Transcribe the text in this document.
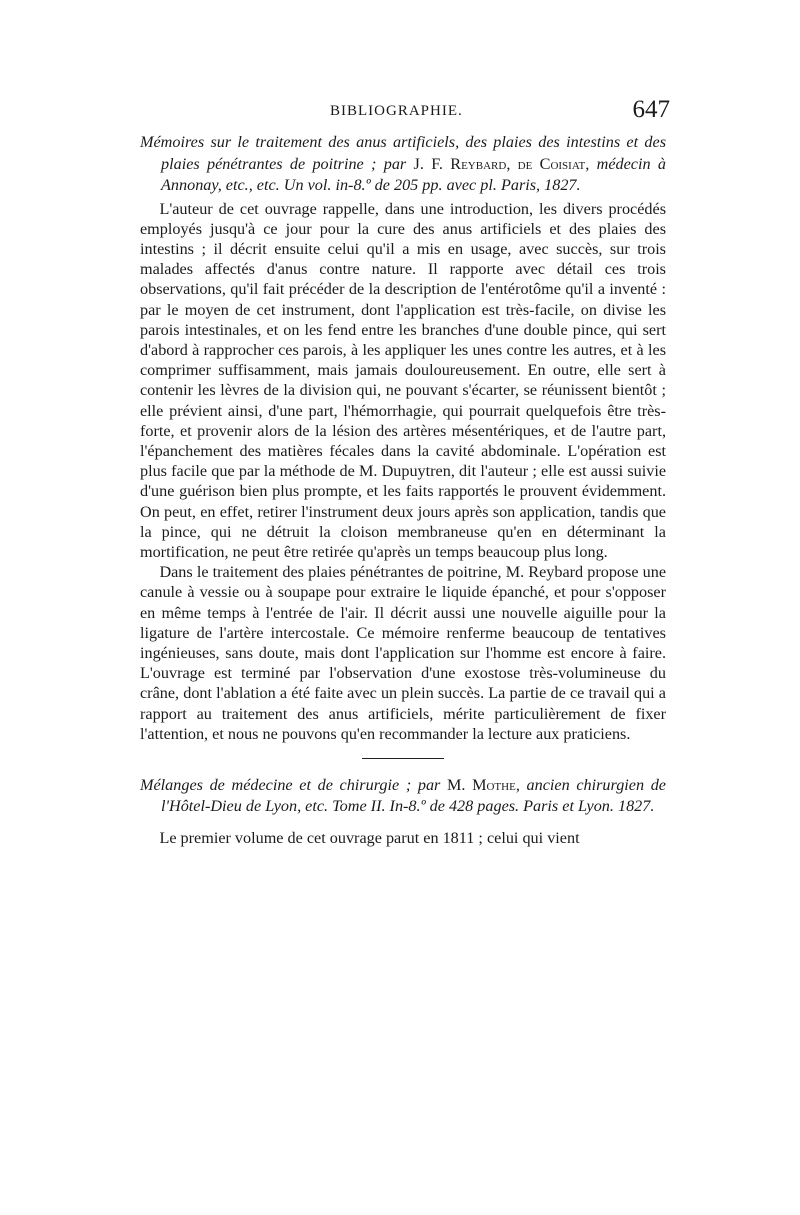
BIBLIOGRAPHIE.	647

Mémoires sur le traitement des anus artificiels, des plaies des intestins et des plaies pénétrantes de poitrine ; par J. F. Reybard, de Coisiat, médecin à Annonay, etc., etc. Un vol. in-8.º de 205 pp. avec pl. Paris, 1827.

L'auteur de cet ouvrage rappelle, dans une introduction, les divers procédés employés jusqu'à ce jour pour la cure des anus artificiels et des plaies des intestins ; il décrit ensuite celui qu'il a mis en usage, avec succès, sur trois malades affectés d'anus contre nature. Il rapporte avec détail ces trois observations, qu'il fait précéder de la description de l'entérotôme qu'il a inventé : par le moyen de cet instrument, dont l'application est très-facile, on divise les parois intestinales, et on les fend entre les branches d'une double pince, qui sert d'abord à rapprocher ces parois, à les appliquer les unes contre les autres, et à les comprimer suffisamment, mais jamais douloureusement. En outre, elle sert à contenir les lèvres de la division qui, ne pouvant s'écarter, se réunissent bientôt ; elle prévient ainsi, d'une part, l'hémorrhagie, qui pourrait quelquefois être très-forte, et provenir alors de la lésion des artères mésentériques, et de l'autre part, l'épanchement des matières fécales dans la cavité abdominale. L'opération est plus facile que par la méthode de M. Dupuytren, dit l'auteur ; elle est aussi suivie d'une guérison bien plus prompte, et les faits rapportés le prouvent évidemment. On peut, en effet, retirer l'instrument deux jours après son application, tandis que la pince, qui ne détruit la cloison membraneuse qu'en en déterminant la mortification, ne peut être retirée qu'après un temps beaucoup plus long.

Dans le traitement des plaies pénétrantes de poitrine, M. Reybard propose une canule à vessie ou à soupape pour extraire le liquide épanché, et pour s'opposer en même temps à l'entrée de l'air. Il décrit aussi une nouvelle aiguille pour la ligature de l'artère intercostale. Ce mémoire renferme beaucoup de tentatives ingénieuses, sans doute, mais dont l'application sur l'homme est encore à faire. L'ouvrage est terminé par l'observation d'une exostose très-volumineuse du crâne, dont l'ablation a été faite avec un plein succès. La partie de ce travail qui a rapport au traitement des anus artificiels, mérite particulièrement de fixer l'attention, et nous ne pouvons qu'en recommander la lecture aux praticiens.

Mélanges de médecine et de chirurgie ; par M. Mothe, ancien chirurgien de l'Hôtel-Dieu de Lyon, etc. Tome II. In-8.º de 428 pages. Paris et Lyon. 1827.

Le premier volume de cet ouvrage parut en 1811 ; celui qui vient
